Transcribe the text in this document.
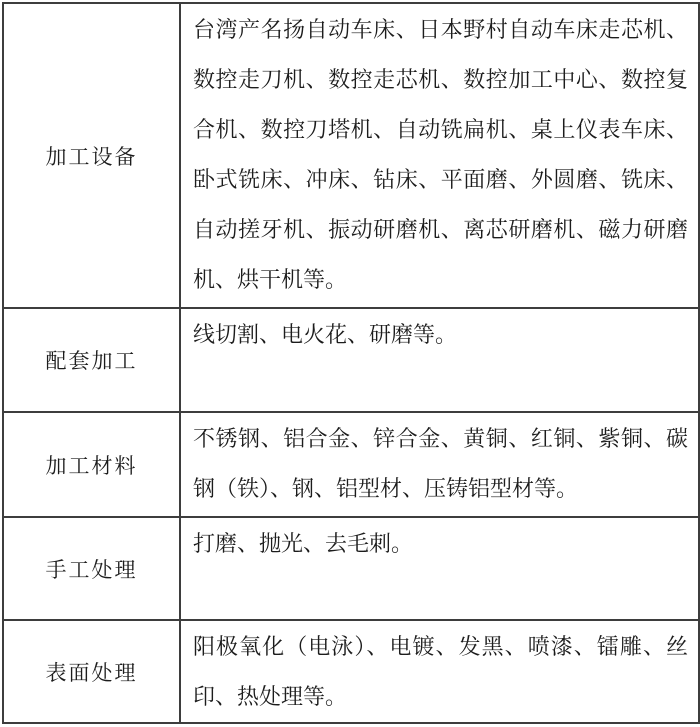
加工设备	台湾产名扬自动车床、日本野村自动车床走芯机、数控走刀机、数控走芯机、数控加工中心、数控复合机、数控刀塔机、自动铣扁机、桌上仪表车床、卧式铣床、冲床、钻床、平面磨、外圆磨、铣床、自动搓牙机、振动研磨机、离芯研磨机、磁力研磨机、烘干机等。
配套加工	线切割、电火花、研磨等。
加工材料	不锈钢、铝合金、锌合金、黄铜、红铜、紫铜、碳钢（铁）、钢、铝型材、压铸铝型材等。
手工处理	打磨、抛光、去毛刺。
表面处理	阳极氧化（电泳）、电镀、发黑、喷漆、镭雕、丝印、热处理等。
